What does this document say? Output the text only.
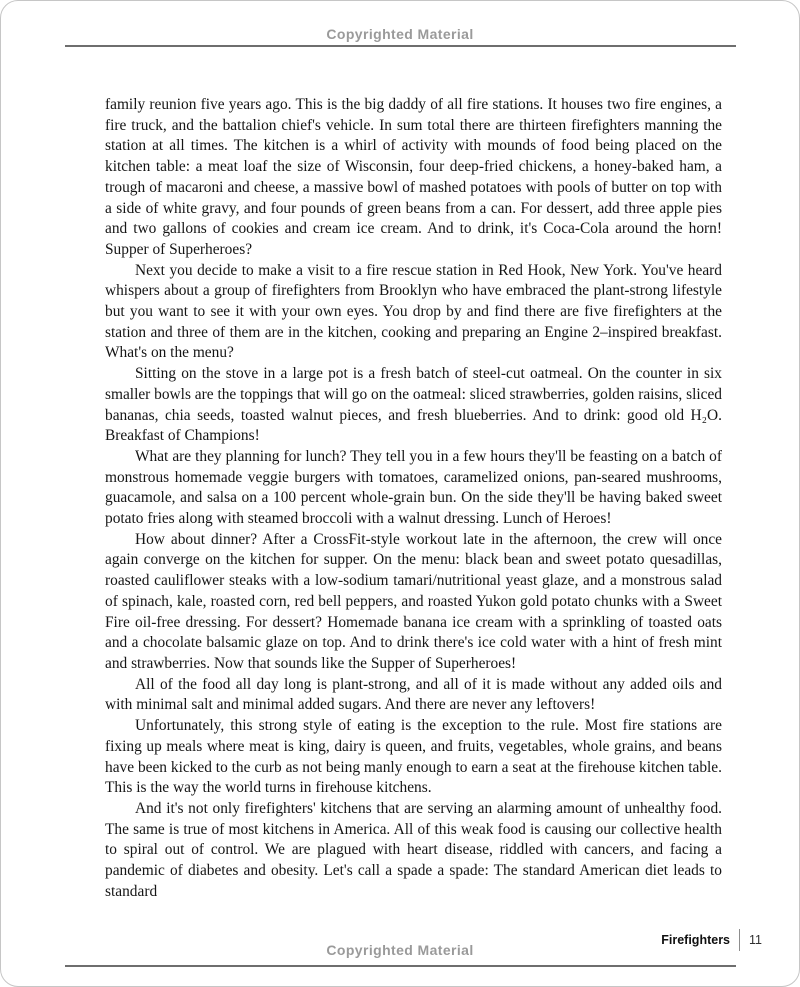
Copyrighted Material

family reunion five years ago. This is the big daddy of all fire stations. It houses two fire engines, a fire truck, and the battalion chief's vehicle. In sum total there are thirteen firefighters manning the station at all times. The kitchen is a whirl of activity with mounds of food being placed on the kitchen table: a meat loaf the size of Wisconsin, four deep-fried chickens, a honey-baked ham, a trough of macaroni and cheese, a massive bowl of mashed potatoes with pools of butter on top with a side of white gravy, and four pounds of green beans from a can. For dessert, add three apple pies and two gallons of cookies and cream ice cream. And to drink, it's Coca-Cola around the horn! Supper of Superheroes?

Next you decide to make a visit to a fire rescue station in Red Hook, New York. You've heard whispers about a group of firefighters from Brooklyn who have embraced the plant-strong lifestyle but you want to see it with your own eyes. You drop by and find there are five firefighters at the station and three of them are in the kitchen, cooking and preparing an Engine 2–inspired breakfast. What's on the menu?

Sitting on the stove in a large pot is a fresh batch of steel-cut oatmeal. On the counter in six smaller bowls are the toppings that will go on the oatmeal: sliced strawberries, golden raisins, sliced bananas, chia seeds, toasted walnut pieces, and fresh blueberries. And to drink: good old H₂O. Breakfast of Champions!

What are they planning for lunch? They tell you in a few hours they'll be feasting on a batch of monstrous homemade veggie burgers with tomatoes, caramelized onions, pan-seared mushrooms, guacamole, and salsa on a 100 percent whole-grain bun. On the side they'll be having baked sweet potato fries along with steamed broccoli with a walnut dressing. Lunch of Heroes!

How about dinner? After a CrossFit-style workout late in the afternoon, the crew will once again converge on the kitchen for supper. On the menu: black bean and sweet potato quesadillas, roasted cauliflower steaks with a low-sodium tamari/nutritional yeast glaze, and a monstrous salad of spinach, kale, roasted corn, red bell peppers, and roasted Yukon gold potato chunks with a Sweet Fire oil-free dressing. For dessert? Homemade banana ice cream with a sprinkling of toasted oats and a chocolate balsamic glaze on top. And to drink there's ice cold water with a hint of fresh mint and strawberries. Now that sounds like the Supper of Superheroes!

All of the food all day long is plant-strong, and all of it is made without any added oils and with minimal salt and minimal added sugars. And there are never any leftovers!

Unfortunately, this strong style of eating is the exception to the rule. Most fire stations are fixing up meals where meat is king, dairy is queen, and fruits, vegetables, whole grains, and beans have been kicked to the curb as not being manly enough to earn a seat at the firehouse kitchen table. This is the way the world turns in firehouse kitchens.

And it's not only firefighters' kitchens that are serving an alarming amount of unhealthy food. The same is true of most kitchens in America. All of this weak food is causing our collective health to spiral out of control. We are plagued with heart disease, riddled with cancers, and facing a pandemic of diabetes and obesity. Let's call a spade a spade: The standard American diet leads to standard

Firefighters 11
Copyrighted Material
